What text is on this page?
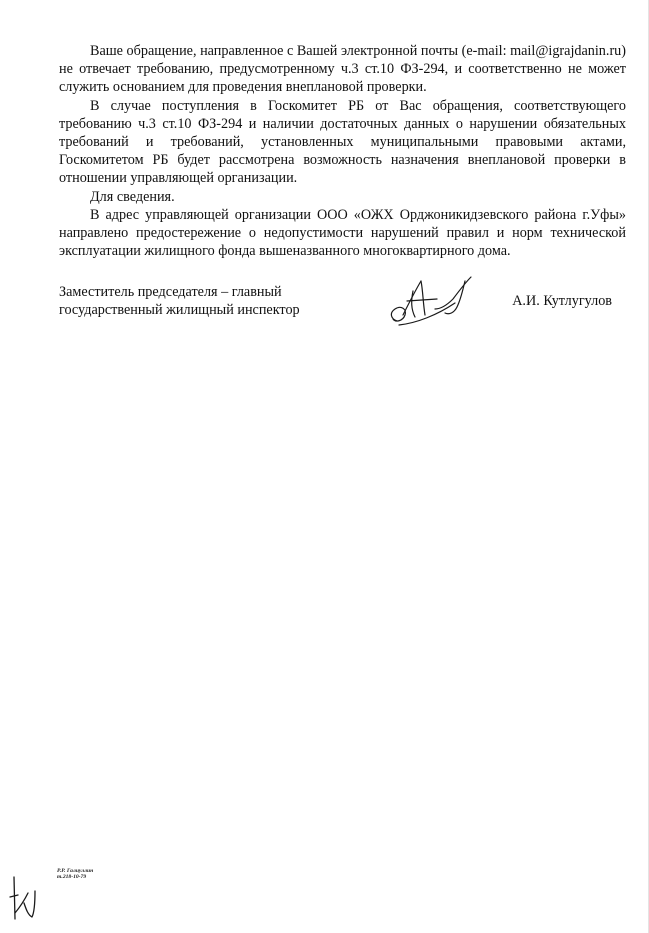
Ваше обращение, направленное с Вашей электронной почты (e-mail: mail@igrajdanin.ru) не отвечает требованию, предусмотренному ч.3 ст.10 ФЗ-294, и соответственно не может служить основанием для проведения внеплановой проверки.

В случае поступления в Госкомитет РБ от Вас обращения, соответствующего требованию ч.3 ст.10 ФЗ-294 и наличии достаточных данных о нарушении обязательных требований и требований, установленных муниципальными правовыми актами, Госкомитетом РБ будет рассмотрена возможность назначения внеплановой проверки в отношении управляющей организации.

Для сведения.

В адрес управляющей организации ООО «ОЖХ Орджоникидзевского района г.Уфы» направлено предостережение о недопустимости нарушений правил и норм технической эксплуатации жилищного фонда вышеназванного многоквартирного дома.

Заместитель председателя – главный
государственный жилищный инспектор
А.И. Кутлугулов
Р.Р. Галиуллин
т.218-10-79
